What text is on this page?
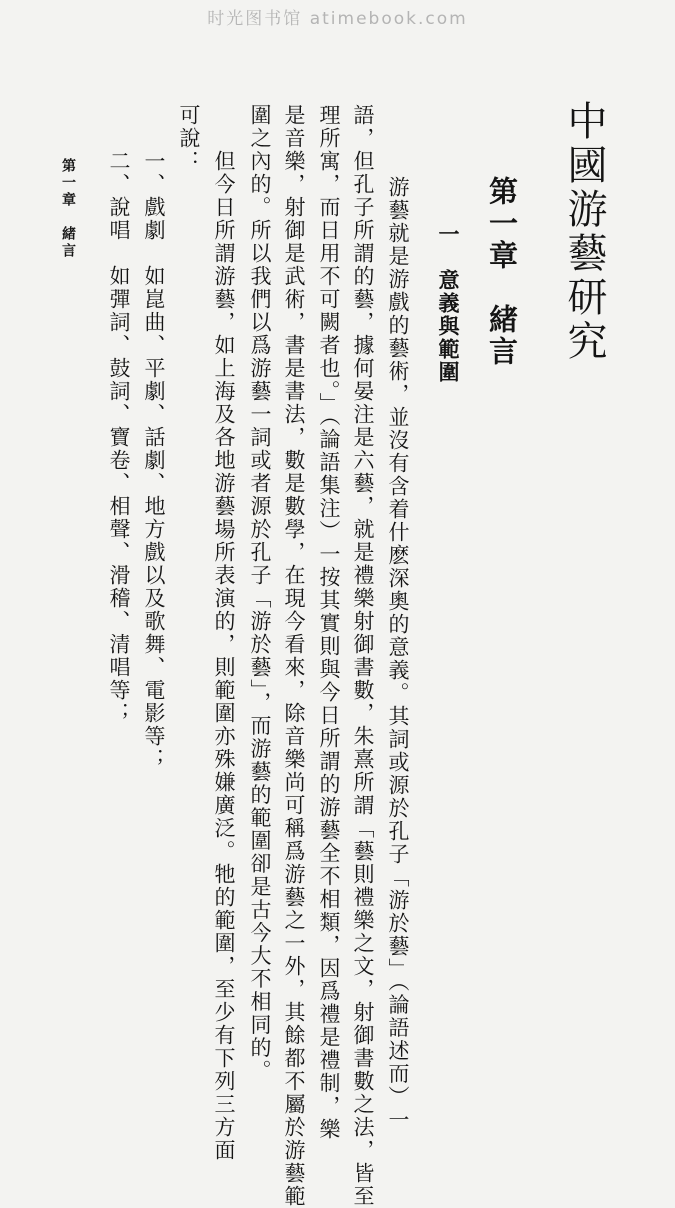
时光图书馆 atimebook.com
中國游藝研究
第一章　緒言
一　意義與範圍
　　游藝就是游戲的藝術，並沒有含着什麽深奧的意義。其詞或源於孔子「游於藝」（論語述而）一
語，但孔子所謂的藝，據何晏注是六藝，就是禮樂射御書數，朱熹所謂「藝則禮樂之文，射御書數之法，皆至
理所寓，而日用不可闕者也。」（論語集注）一按其實則與今日所謂的游藝全不相類，因爲禮是禮制，樂
是音樂，射御是武術，書是書法，數是數學，在現今看來，除音樂尚可稱爲游藝之一外，其餘都不屬於游藝範
圍之內的。所以我們以爲游藝一詞或者源於孔子「游於藝」，而游藝的範圍卻是古今大不相同的。
　　但今日所謂游藝，如上海及各地游藝場所表演的，則範圍亦殊嫌廣泛。牠的範圍，至少有下列三方面
可說：
一、戲劇　如崑曲、平劇、話劇、地方戲以及歌舞、電影等；
二、說唱　如彈詞、鼓詞、寶卷、相聲、滑稽、清唱等；
第一章　緒言
